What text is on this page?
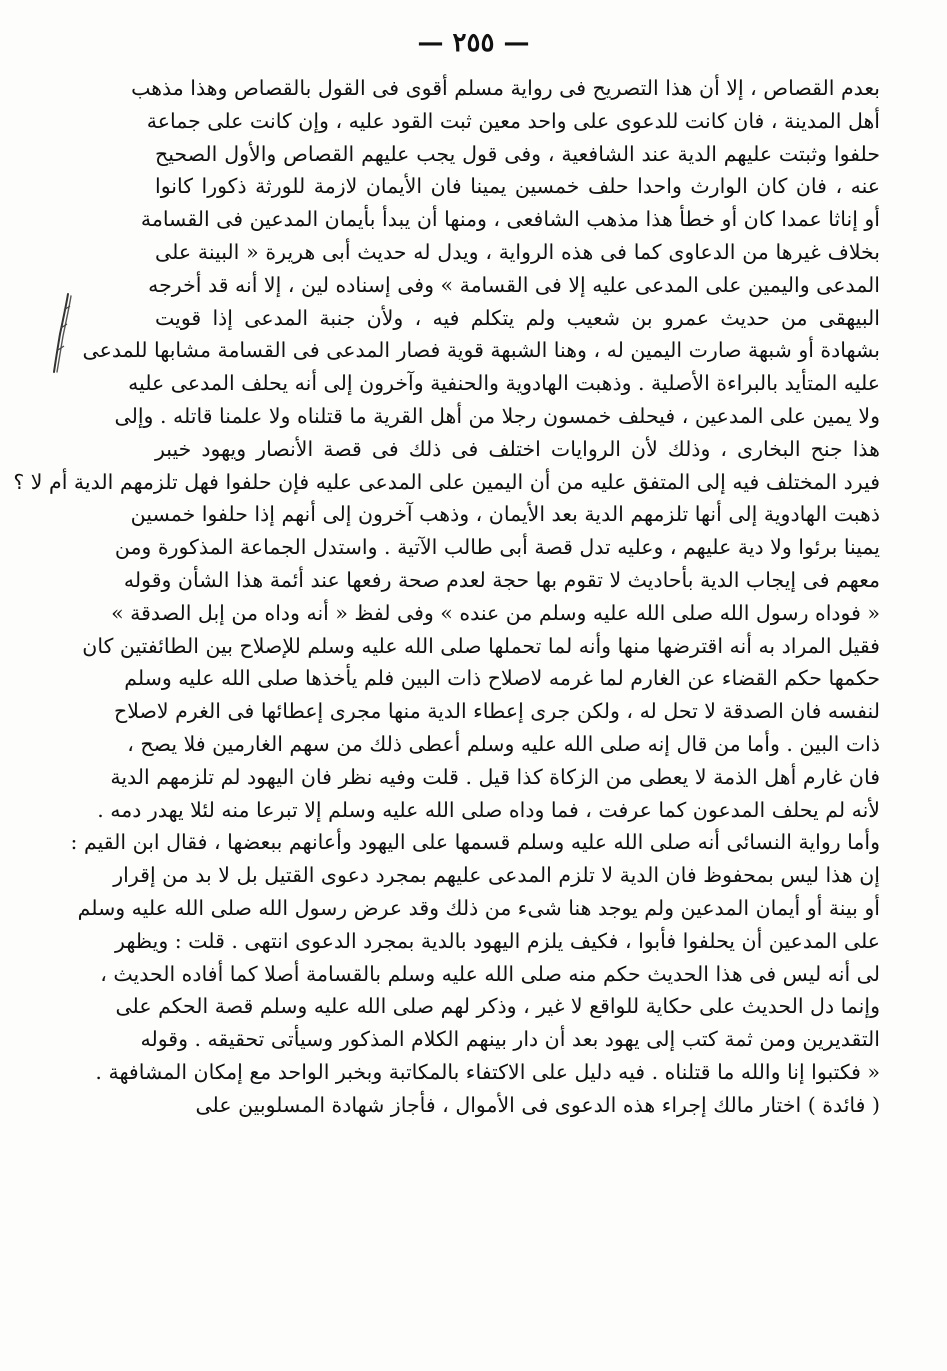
— ٢٥٥ —
بعدم القصاص ، إلا أن هذا التصريح فى رواية مسلم أقوى فى القول بالقصاص وهذا مذهب
أهل المدينة ، فان كانت للدعوى على واحد معين ثبت القود عليه ، وإن كانت على جماعة
حلفوا وثبتت عليهم الدية عند الشافعية ، وفى قول يجب عليهم القصاص والأول الصحيح
عنه ، فان كان الوارث واحدا حلف خمسين يمينا فان الأيمان لازمة للورثة ذكورا كانوا
أو إناثا عمدا كان أو خطأ هذا مذهب الشافعى ، ومنها أن يبدأ بأيمان المدعين فى القسامة
بخلاف غيرها من الدعاوى كما فى هذه الرواية ، ويدل له حديث أبى هريرة « البينة على
المدعى واليمين على المدعى عليه إلا فى القسامة » وفى إسناده لين ، إلا أنه قد أخرجه
البيهقى من حديث عمرو بن شعيب ولم يتكلم فيه ، ولأن جنبة المدعى إذا قويت
بشهادة أو شبهة صارت اليمين له ، وهنا الشبهة قوية فصار المدعى فى القسامة مشابها للمدعى
عليه المتأيد بالبراءة الأصلية . وذهبت الهادوية والحنفية وآخرون إلى أنه يحلف المدعى عليه
ولا يمين على المدعين ، فيحلف خمسون رجلا من أهل القرية ما قتلناه ولا علمنا قاتله . وإلى
هذا جنح البخارى ، وذلك لأن الروايات اختلف فى ذلك فى قصة الأنصار ويهود خيبر
فيرد المختلف فيه إلى المتفق عليه من أن اليمين على المدعى عليه فإن حلفوا فهل تلزمهم الدية أم لا ؟
ذهبت الهادوية إلى أنها تلزمهم الدية بعد الأيمان ، وذهب آخرون إلى أنهم إذا حلفوا خمسين
يمينا برئوا ولا دية عليهم ، وعليه تدل قصة أبى طالب الآتية . واستدل الجماعة المذكورة ومن
معهم فى إيجاب الدية بأحاديث لا تقوم بها حجة لعدم صحة رفعها عند أئمة هذا الشأن وقوله
« فوداه رسول الله صلى الله عليه وسلم من عنده » وفى لفظ « أنه وداه من إبل الصدقة »
فقيل المراد به أنه اقترضها منها وأنه لما تحملها صلى الله عليه وسلم للإصلاح بين الطائفتين كان
حكمها حكم القضاء عن الغارم لما غرمه لاصلاح ذات البين فلم يأخذها صلى الله عليه وسلم
لنفسه فان الصدقة لا تحل له ، ولكن جرى إعطاء الدية منها مجرى إعطائها فى الغرم لاصلاح
ذات البين . وأما من قال إنه صلى الله عليه وسلم أعطى ذلك من سهم الغارمين فلا يصح ،
فان غارم أهل الذمة لا يعطى من الزكاة كذا قيل . قلت وفيه نظر فان اليهود لم تلزمهم الدية
لأنه لم يحلف المدعون كما عرفت ، فما وداه صلى الله عليه وسلم إلا تبرعا منه لئلا يهدر دمه .
وأما رواية النسائى أنه صلى الله عليه وسلم قسمها على اليهود وأعانهم ببعضها ، فقال ابن القيم :
إن هذا ليس بمحفوظ فان الدية لا تلزم المدعى عليهم بمجرد دعوى القتيل بل لا بد من إقرار
أو بينة أو أيمان المدعين ولم يوجد هنا شىء من ذلك وقد عرض رسول الله صلى الله عليه وسلم
على المدعين أن يحلفوا فأبوا ، فكيف يلزم اليهود بالدية بمجرد الدعوى انتهى . قلت : ويظهر
لى أنه ليس فى هذا الحديث حكم منه صلى الله عليه وسلم بالقسامة أصلا كما أفاده الحديث ،
وإنما دل الحديث على حكاية للواقع لا غير ، وذكر لهم صلى الله عليه وسلم قصة الحكم على
التقديرين ومن ثمة كتب إلى يهود بعد أن دار بينهم الكلام المذكور وسيأتى تحقيقه . وقوله
« فكتبوا إنا والله ما قتلناه . فيه دليل على الاكتفاء بالمكاتبة وبخبر الواحد مع إمكان المشافهة .
( فائدة ) اختار مالك إجراء هذه الدعوى فى الأموال ، فأجاز شهادة المسلوبين على
